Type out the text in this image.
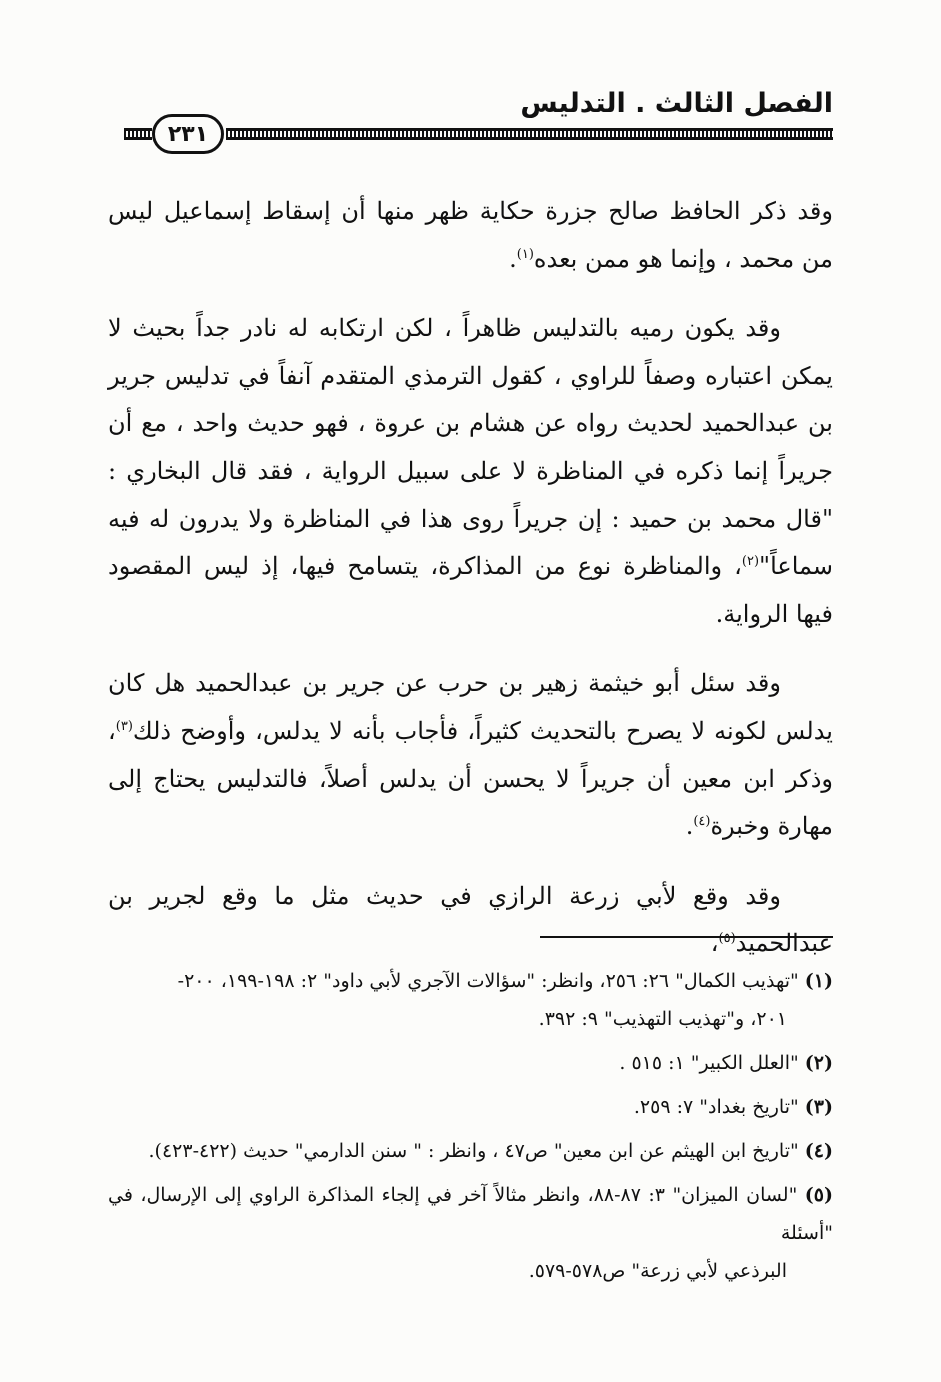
الفصل الثالث . التدليس
٢٣١

وقد ذكر الحافظ صالح جزرة حكاية ظهر منها أن إسقاط إسماعيل ليس من محمد ، وإنما هو ممن بعده$^{(١)}$.

وقد يكون رميه بالتدليس ظاهراً ، لكن ارتكابه له نادر جداً بحيث لا يمكن اعتباره وصفاً للراوي ، كقول الترمذي المتقدم آنفاً في تدليس جرير بن عبدالحميد لحديث رواه عن هشام بن عروة ، فهو حديث واحد ، مع أن جريراً إنما ذكره في المناظرة لا على سبيل الرواية ، فقد قال البخاري : "قال محمد بن حميد : إن جريراً روى هذا في المناظرة ولا يدرون له فيه سماعاً"$^{(٢)}$، والمناظرة نوع من المذاكرة، يتسامح فيها، إذ ليس المقصود فيها الرواية.

وقد سئل أبو خيثمة زهير بن حرب عن جرير بن عبدالحميد هل كان يدلس لكونه لا يصرح بالتحديث كثيراً، فأجاب بأنه لا يدلس، وأوضح ذلك$^{(٣)}$، وذكر ابن معين أن جريراً لا يحسن أن يدلس أصلاً، فالتدليس يحتاج إلى مهارة وخبرة$^{(٤)}$.

وقد وقع لأبي زرعة الرازي في حديث مثل ما وقع لجرير بن عبدالحميد$^{(٥)}$،

(١) "تهذيب الكمال" ٢٦: ٢٥٦، وانظر: "سؤالات الآجري لأبي داود" ٢: ١٩٨-١٩٩، ٢٠٠-
٢٠١، و"تهذيب التهذيب" ٩: ٣٩٢.

(٢) "العلل الكبير" ١: ٥١٥ .

(٣) "تاريخ بغداد" ٧: ٢٥٩.

(٤) "تاريخ ابن الهيثم عن ابن معين" ص٤٧ ، وانظر : " سنن الدارمي" حديث (٤٢٢-٤٢٣).

(٥) "لسان الميزان" ٣: ٨٧-٨٨، وانظر مثالاً آخر في إلجاء المذاكرة الراوي إلى الإرسال، في "أسئلة
البرذعي لأبي زرعة" ص٥٧٨-٥٧٩.
